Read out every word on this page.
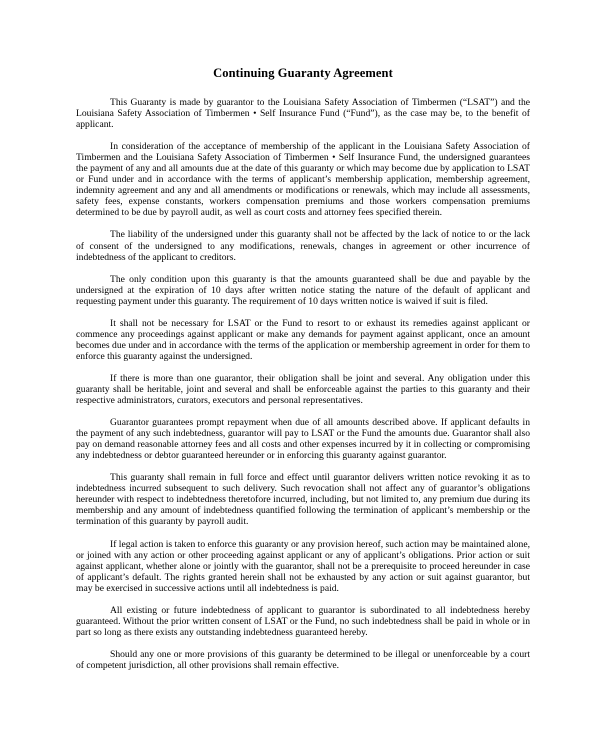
Continuing Guaranty Agreement

This Guaranty is made by guarantor to the Louisiana Safety Association of Timbermen (“LSAT”) and the Louisiana Safety Association of Timbermen • Self Insurance Fund (“Fund”), as the case may be, to the benefit of applicant.

In consideration of the acceptance of membership of the applicant in the Louisiana Safety Association of Timbermen and the Louisiana Safety Association of Timbermen • Self Insurance Fund, the undersigned guarantees the payment of any and all amounts due at the date of this guaranty or which may become due by application to LSAT or Fund under and in accordance with the terms of applicant’s membership application, membership agreement, indemnity agreement and any and all amendments or modifications or renewals, which may include all assessments, safety fees, expense constants, workers compensation premiums and those workers compensation premiums determined to be due by payroll audit, as well as court costs and attorney fees specified therein.

The liability of the undersigned under this guaranty shall not be affected by the lack of notice to or the lack of consent of the undersigned to any modifications, renewals, changes in agreement or other incurrence of indebtedness of the applicant to creditors.

The only condition upon this guaranty is that the amounts guaranteed shall be due and payable by the undersigned at the expiration of 10 days after written notice stating the nature of the default of applicant and requesting payment under this guaranty. The requirement of 10 days written notice is waived if suit is filed.

It shall not be necessary for LSAT or the Fund to resort to or exhaust its remedies against applicant or commence any proceedings against applicant or make any demands for payment against applicant, once an amount becomes due under and in accordance with the terms of the application or membership agreement in order for them to enforce this guaranty against the undersigned.

If there is more than one guarantor, their obligation shall be joint and several. Any obligation under this guaranty shall be heritable, joint and several and shall be enforceable against the parties to this guaranty and their respective administrators, curators, executors and personal representatives.

Guarantor guarantees prompt repayment when due of all amounts described above. If applicant defaults in the payment of any such indebtedness, guarantor will pay to LSAT or the Fund the amounts due. Guarantor shall also pay on demand reasonable attorney fees and all costs and other expenses incurred by it in collecting or compromising any indebtedness or debtor guaranteed hereunder or in enforcing this guaranty against guarantor.

This guaranty shall remain in full force and effect until guarantor delivers written notice revoking it as to indebtedness incurred subsequent to such delivery. Such revocation shall not affect any of guarantor’s obligations hereunder with respect to indebtedness theretofore incurred, including, but not limited to, any premium due during its membership and any amount of indebtedness quantified following the termination of applicant’s membership or the termination of this guaranty by payroll audit.

If legal action is taken to enforce this guaranty or any provision hereof, such action may be maintained alone, or joined with any action or other proceeding against applicant or any of applicant’s obligations. Prior action or suit against applicant, whether alone or jointly with the guarantor, shall not be a prerequisite to proceed hereunder in case of applicant’s default. The rights granted herein shall not be exhausted by any action or suit against guarantor, but may be exercised in successive actions until all indebtedness is paid.

All existing or future indebtedness of applicant to guarantor is subordinated to all indebtedness hereby guaranteed. Without the prior written consent of LSAT or the Fund, no such indebtedness shall be paid in whole or in part so long as there exists any outstanding indebtedness guaranteed hereby.

Should any one or more provisions of this guaranty be determined to be illegal or unenforceable by a court of competent jurisdiction, all other provisions shall remain effective.
